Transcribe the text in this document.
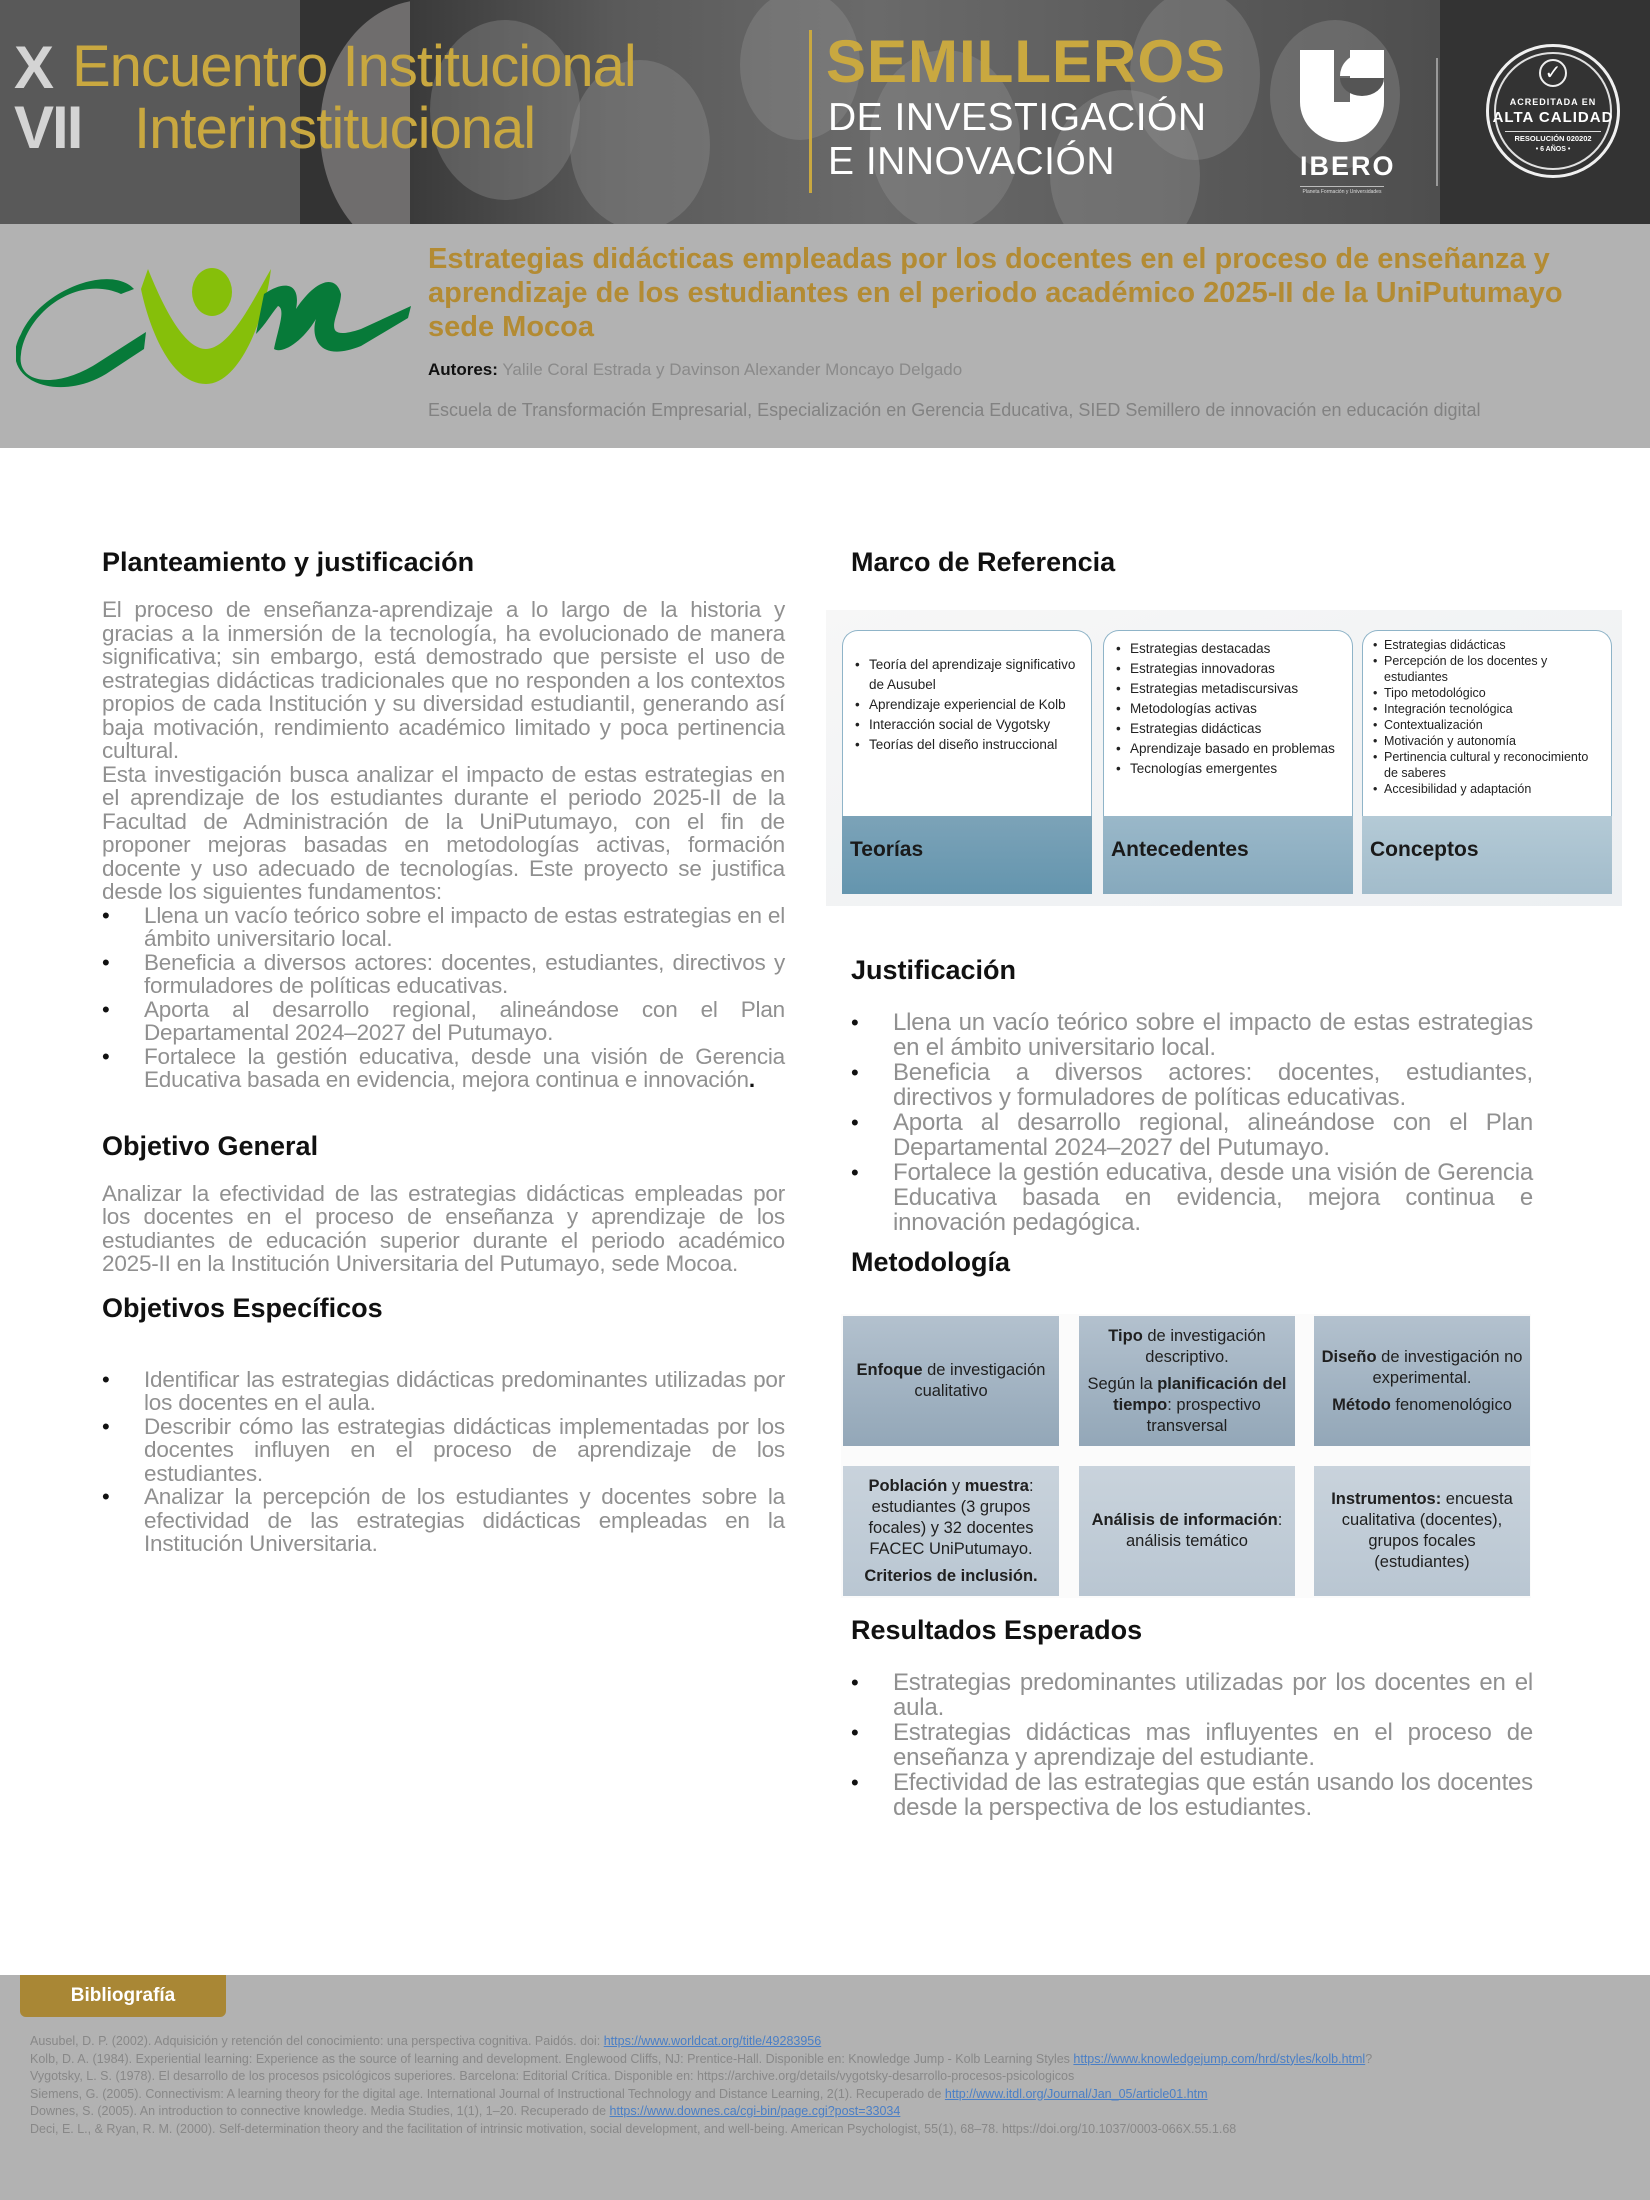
X
VII
Encuentro Institucional
Interinstitucional
SEMILLEROS
DE INVESTIGACIÓN
E INNOVACIÓN	IBERO
Planeta Formación y Universidades
✓
ACREDITADA EN
ALTA CALIDAD
RESOLUCIÓN 020202
• 6 AÑOS •
Estrategias didácticas empleadas por los docentes en el proceso de enseñanza y aprendizaje de los estudiantes en el periodo académico 2025-II de la UniPutumayo sede Mocoa
Autores: Yalile Coral Estrada y Davinson Alexander Moncayo Delgado
Escuela de Transformación Empresarial, Especialización en Gerencia Educativa, SIED Semillero de innovación en educación digital
Planteamiento y justificación

El proceso de enseñanza-aprendizaje a lo largo de la historia y gracias a la inmersión de la tecnología, ha evolucionado de manera significativa; sin embargo, está demostrado que persiste el uso de estrategias didácticas tradicionales que no responden a los contextos propios de cada Institución y su diversidad estudiantil, generando así baja motivación, rendimiento académico limitado y poca pertinencia cultural.

Esta investigación busca analizar el impacto de estas estrategias en el aprendizaje de los estudiantes durante el periodo 2025-II de la Facultad de Administración de la UniPutumayo, con el fin de proponer mejoras basadas en metodologías activas, formación docente y uso adecuado de tecnologías. Este proyecto se justifica desde los siguientes fundamentos:

• Llena un vacío teórico sobre el impacto de estas estrategias en el ámbito universitario local.
• Beneficia a diversos actores: docentes, estudiantes, directivos y formuladores de políticas educativas.
• Aporta al desarrollo regional, alineándose con el Plan Departamental 2024–2027 del Putumayo.
• Fortalece la gestión educativa, desde una visión de Gerencia Educativa basada en evidencia, mejora continua e innovación.
Objetivo General

Analizar la efectividad de las estrategias didácticas empleadas por los docentes en el proceso de enseñanza y aprendizaje de los estudiantes de educación superior durante el periodo académico 2025-II en la Institución Universitaria del Putumayo, sede Mocoa.

Objetivos Específicos
• Identificar las estrategias didácticas predominantes utilizadas por los docentes en el aula.
• Describir cómo las estrategias didácticas implementadas por los docentes influyen en el proceso de aprendizaje de los estudiantes.
• Analizar la percepción de los estudiantes y docentes sobre la efectividad de las estrategias didácticas empleadas en la Institución Universitaria.
Marco de Referencia
• Teoría del aprendizaje significativo de Ausubel
• Aprendizaje experiencial de Kolb
• Interacción social de Vygotsky
• Teorías del diseño instruccional
Teorías
• Estrategias destacadas
• Estrategias innovadoras
• Estrategias metadiscursivas
• Metodologías activas
• Estrategias didácticas
• Aprendizaje basado en problemas
• Tecnologías emergentes
Antecedentes
• Estrategias didácticas
• Percepción de los docentes y estudiantes
• Tipo metodológico
• Integración tecnológica
• Contextualización
• Motivación y autonomía
• Pertinencia cultural y reconocimiento de saberes
• Accesibilidad y adaptación
Conceptos
Justificación
• Llena un vacío teórico sobre el impacto de estas estrategias en el ámbito universitario local.
• Beneficia a diversos actores: docentes, estudiantes, directivos y formuladores de políticas educativas.
• Aporta al desarrollo regional, alineándose con el Plan Departamental 2024–2027 del Putumayo.
• Fortalece la gestión educativa, desde una visión de Gerencia Educativa basada en evidencia, mejora continua e innovación pedagógica.
Metodología

Enfoque de investigación cualitativo

Tipo de investigación descriptivo.

Según la planificación del tiempo: prospectivo transversal

Diseño de investigación no experimental.

Método fenomenológico

Población y muestra: estudiantes (3 grupos focales) y 32 docentes FACEC UniPutumayo.

Criterios de inclusión.

Análisis de información: análisis temático

Instrumentos: encuesta cualitativa (docentes), grupos focales (estudiantes)

Resultados Esperados
• Estrategias predominantes utilizadas por los docentes en el aula.
• Estrategias didácticas mas influyentes en el proceso de enseñanza y aprendizaje del estudiante.
• Efectividad de las estrategias que están usando los docentes desde la perspectiva de los estudiantes.
Bibliografía
Ausubel, D. P. (2002). Adquisición y retención del conocimiento: una perspectiva cognitiva. Paidós. doi: https://www.worldcat.org/title/49283956
Kolb, D. A. (1984). Experiential learning: Experience as the source of learning and development. Englewood Cliffs, NJ: Prentice-Hall. Disponible en: Knowledge Jump - Kolb Learning Styles https://www.knowledgejump.com/hrd/styles/kolb.html?
Vygotsky, L. S. (1978). El desarrollo de los procesos psicológicos superiores. Barcelona: Editorial Crítica. Disponible en: https://archive.org/details/vygotsky-desarrollo-procesos-psicologicos
Siemens, G. (2005). Connectivism: A learning theory for the digital age. International Journal of Instructional Technology and Distance Learning, 2(1). Recuperado de http://www.itdl.org/Journal/Jan_05/article01.htm
Downes, S. (2005). An introduction to connective knowledge. Media Studies, 1(1), 1–20. Recuperado de https://www.downes.ca/cgi-bin/page.cgi?post=33034
Deci, E. L., & Ryan, R. M. (2000). Self-determination theory and the facilitation of intrinsic motivation, social development, and well-being. American Psychologist, 55(1), 68–78. https://doi.org/10.1037/0003-066X.55.1.68
